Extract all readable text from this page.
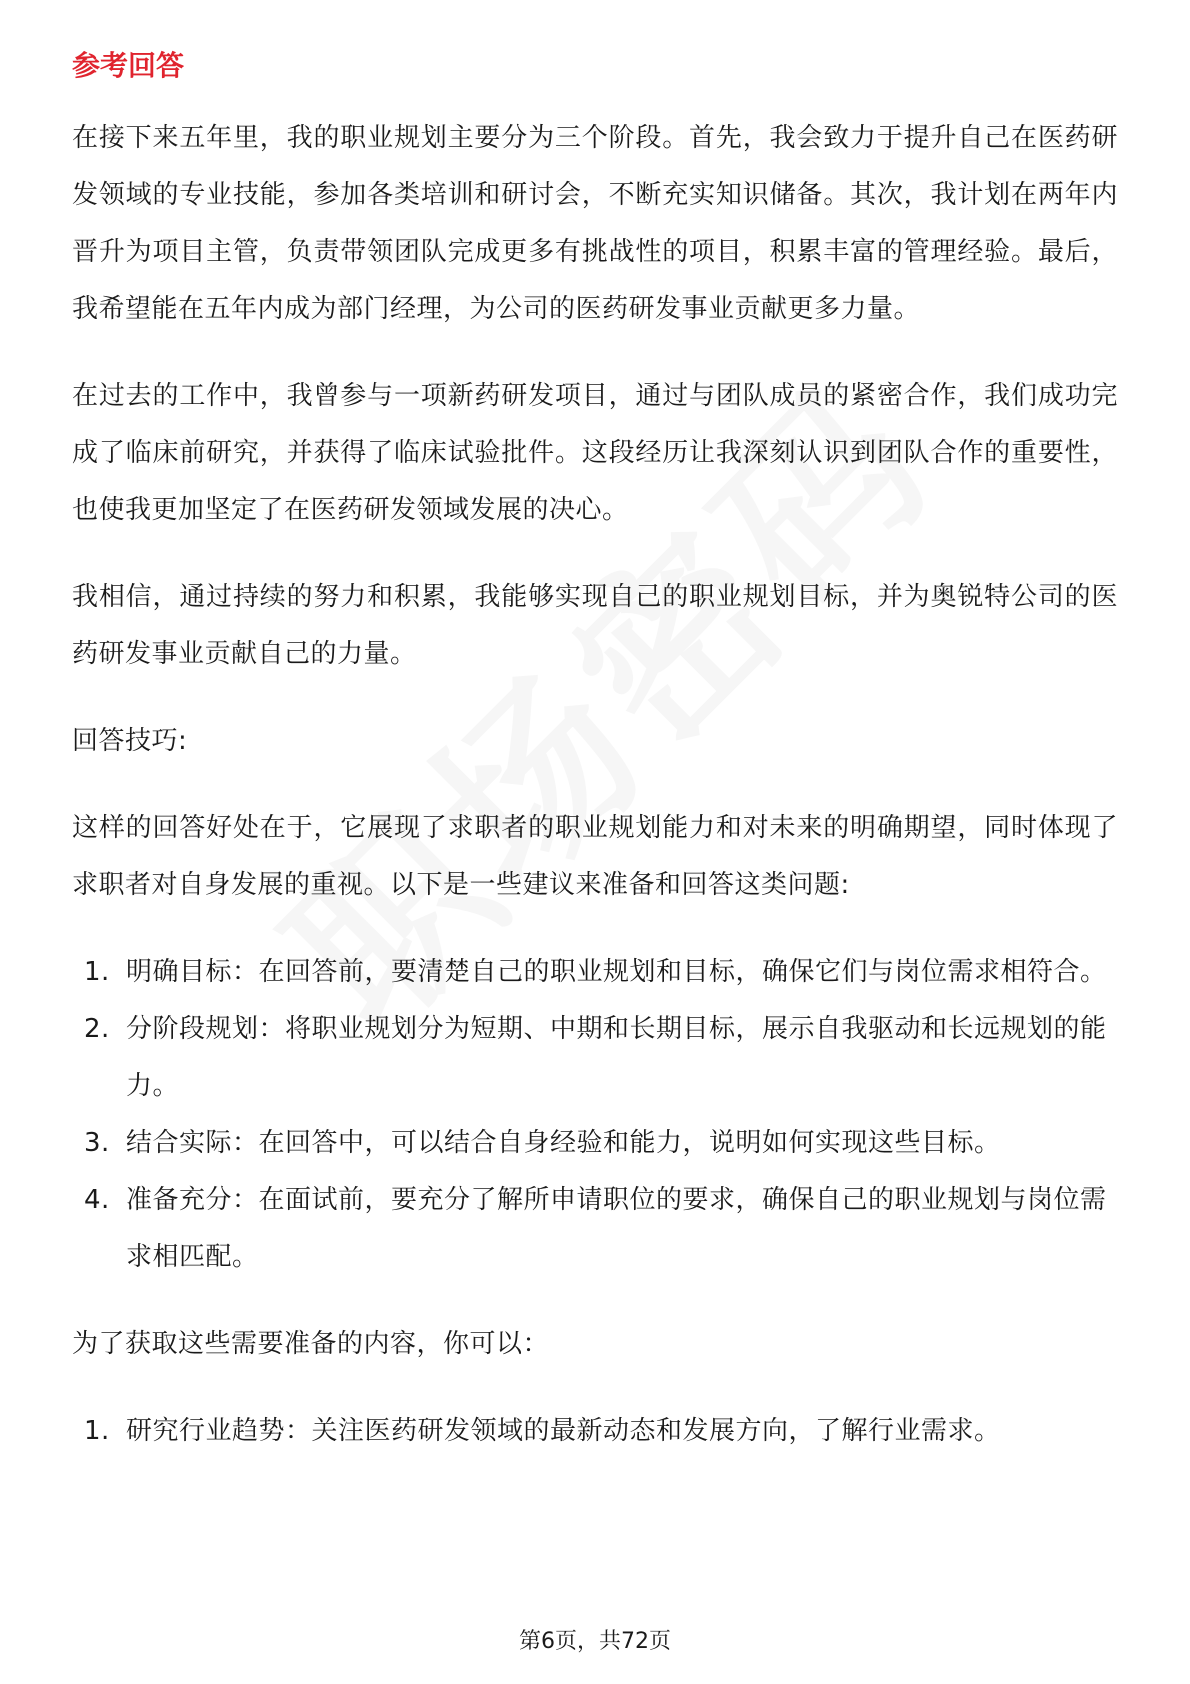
参考回答

在接下来五年里，我的职业规划主要分为三个阶段。首先，我会致力于提升自己在医药研发领域的专业技能，参加各类培训和研讨会，不断充实知识储备。其次，我计划在两年内晋升为项目主管，负责带领团队完成更多有挑战性的项目，积累丰富的管理经验。最后，我希望能在五年内成为部门经理，为公司的医药研发事业贡献更多力量。

在过去的工作中，我曾参与一项新药研发项目，通过与团队成员的紧密合作，我们成功完成了临床前研究，并获得了临床试验批件。这段经历让我深刻认识到团队合作的重要性，也使我更加坚定了在医药研发领域发展的决心。

我相信，通过持续的努力和积累，我能够实现自己的职业规划目标，并为奥锐特公司的医药研发事业贡献自己的力量。

回答技巧:

这样的回答好处在于，它展现了求职者的职业规划能力和对未来的明确期望，同时体现了求职者对自身发展的重视。以下是一些建议来准备和回答这类问题:

1. 明确目标：在回答前，要清楚自己的职业规划和目标，确保它们与岗位需求相符合。
2. 分阶段规划：将职业规划分为短期、中期和长期目标，展示自我驱动和长远规划的能力。
3. 结合实际：在回答中，可以结合自身经验和能力，说明如何实现这些目标。
4. 准备充分：在面试前，要充分了解所申请职位的要求，确保自己的职业规划与岗位需求相匹配。
为了获取这些需要准备的内容，你可以：
1. 研究行业趋势：关注医药研发领域的最新动态和发展方向，了解行业需求。
第6页，共72页
